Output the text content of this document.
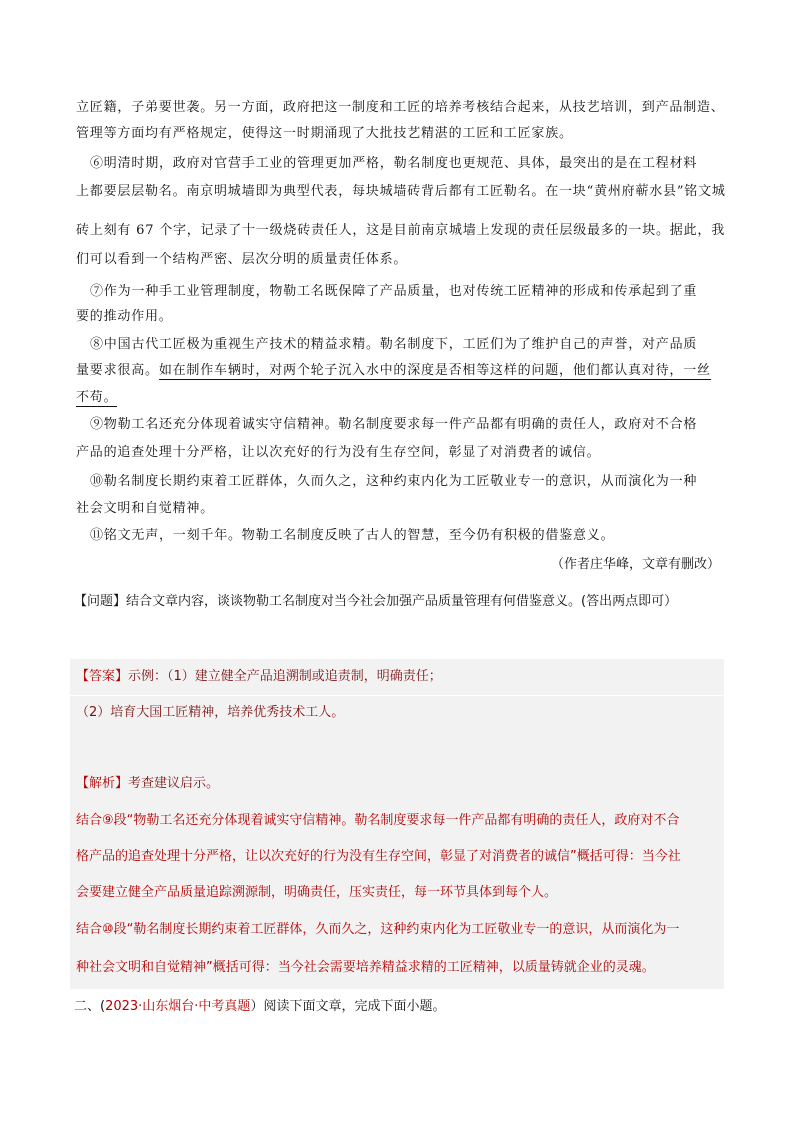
立匠籍，子弟要世袭。另一方面，政府把这一制度和工匠的培养考核结合起来，从技艺培训，到产品制造、
管理等方面均有严格规定，使得这一时期涌现了大批技艺精湛的工匠和工匠家族。
⑥明清时期，政府对官营手工业的管理更加严格，勒名制度也更规范、具体，最突出的是在工程材料
上都要层层勒名。南京明城墙即为典型代表，每块城墙砖背后都有工匠勒名。在一块“黄州府蕲水县”铭文城
砖上刻有 67 个字，记录了十一级烧砖责任人，这是目前南京城墙上发现的责任层级最多的一块。据此，我
们可以看到一个结构严密、层次分明的质量责任体系。
⑦作为一种手工业管理制度，物勒工名既保障了产品质量，也对传统工匠精神的形成和传承起到了重
要的推动作用。
⑧中国古代工匠极为重视生产技术的精益求精。勒名制度下，工匠们为了维护自己的声誉，对产品质
量要求很高。如在制作车辆时，对两个轮子沉入水中的深度是否相等这样的问题，他们都认真对待，一丝
不苟。
⑨物勒工名还充分体现着诚实守信精神。勒名制度要求每一件产品都有明确的责任人，政府对不合格
产品的追查处理十分严格，让以次充好的行为没有生存空间，彰显了对消费者的诚信。
⑩勒名制度长期约束着工匠群体，久而久之，这种约束内化为工匠敬业专一的意识，从而演化为一种
社会文明和自觉精神。
⑪铭文无声，一刻千年。物勒工名制度反映了古人的智慧，至今仍有积极的借鉴意义。
（作者庄华峰，文章有删改）
【问题】结合文章内容，谈谈物勒工名制度对当今社会加强产品质量管理有何借鉴意义。(答出两点即可）
【答案】示例：（1）建立健全产品追溯制或追责制，明确责任；
（2）培育大国工匠精神，培养优秀技术工人。
【解析】考查建议启示。
结合⑨段“物勒工名还充分体现着诚实守信精神。勒名制度要求每一件产品都有明确的责任人，政府对不合
格产品的追查处理十分严格，让以次充好的行为没有生存空间，彰显了对消费者的诚信”概括可得：当今社
会要建立健全产品质量追踪溯源制，明确责任，压实责任，每一环节具体到每个人。
结合⑩段“勒名制度长期约束着工匠群体，久而久之，这种约束内化为工匠敬业专一的意识，从而演化为一
种社会文明和自觉精神”概括可得：当今社会需要培养精益求精的工匠精神，以质量铸就企业的灵魂。
二、(2023·山东烟台·中考真题）阅读下面文章，完成下面小题。
